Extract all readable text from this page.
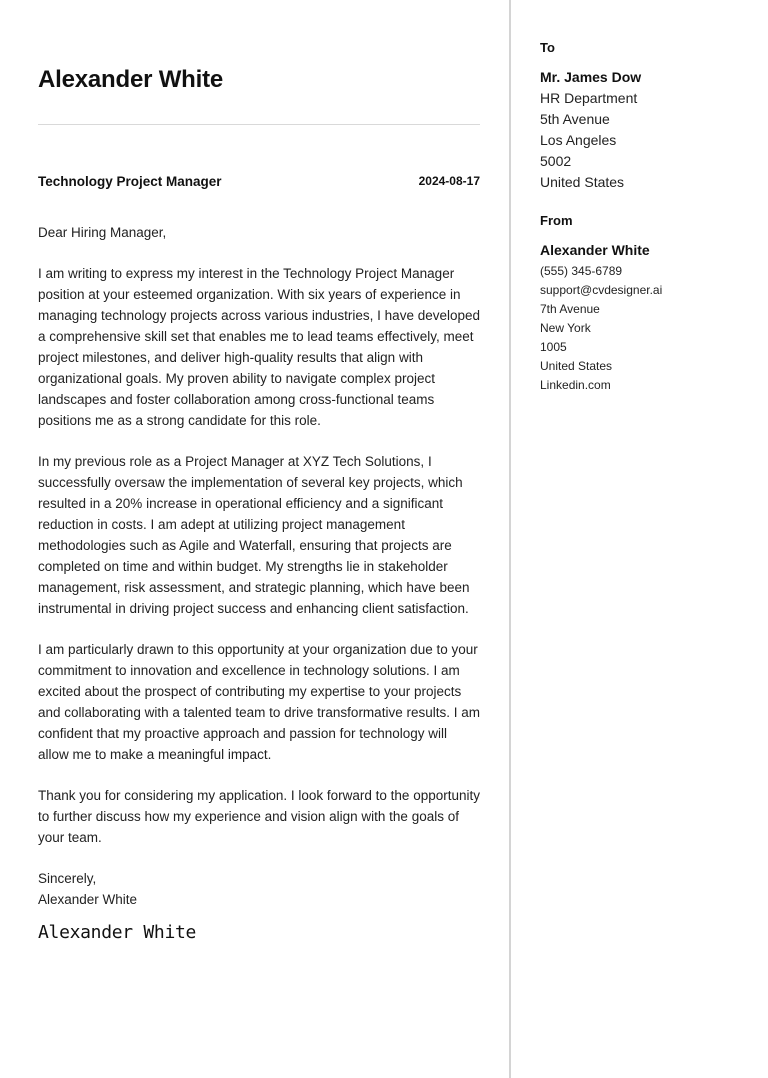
Alexander White
Technology Project Manager	2024-08-17

Dear Hiring Manager,

I am writing to express my interest in the Technology Project Manager position at your esteemed organization. With six years of experience in managing technology projects across various industries, I have developed a comprehensive skill set that enables me to lead teams effectively, meet project milestones, and deliver high-quality results that align with organizational goals. My proven ability to navigate complex project landscapes and foster collaboration among cross-functional teams positions me as a strong candidate for this role.

In my previous role as a Project Manager at XYZ Tech Solutions, I successfully oversaw the implementation of several key projects, which resulted in a 20% increase in operational efficiency and a significant reduction in costs. I am adept at utilizing project management methodologies such as Agile and Waterfall, ensuring that projects are completed on time and within budget. My strengths lie in stakeholder management, risk assessment, and strategic planning, which have been instrumental in driving project success and enhancing client satisfaction.

I am particularly drawn to this opportunity at your organization due to your commitment to innovation and excellence in technology solutions. I am excited about the prospect of contributing my expertise to your projects and collaborating with a talented team to drive transformative results. I am confident that my proactive approach and passion for technology will allow me to make a meaningful impact.

Thank you for considering my application. I look forward to the opportunity to further discuss how my experience and vision align with the goals of your team.

Sincerely,
Alexander White
Alexander White
To
Mr. James Dow
HR Department
5th Avenue
Los Angeles
5002
United States
From
Alexander White
(555) 345-6789
support@cvdesigner.ai
7th Avenue
New York
1005
United States
Linkedin.com
